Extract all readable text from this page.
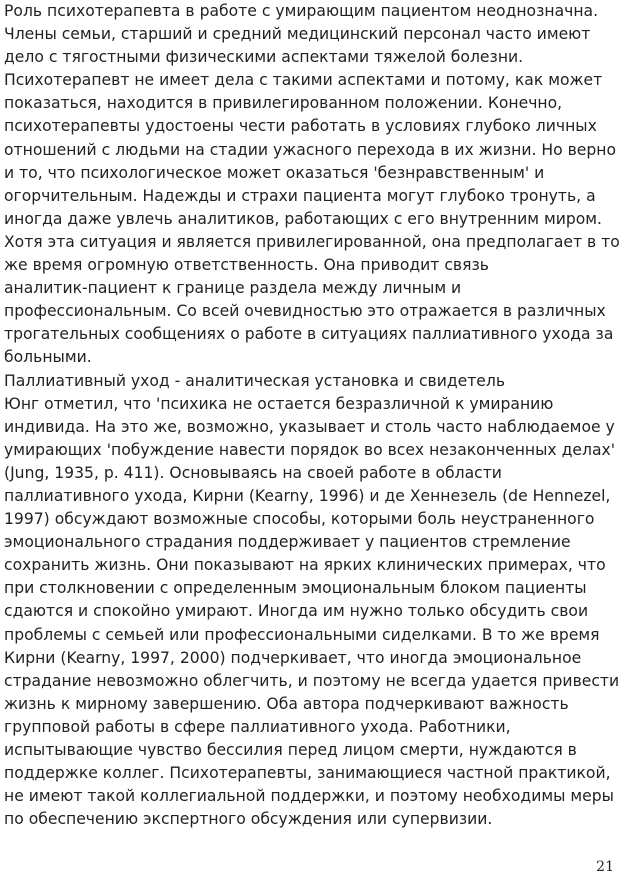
Роль психотерапевта в работе с умирающим пациентом неоднозначна.
Члены семьи, старший и средний медицинский персонал часто имеют
дело с тягостными физическими аспектами тяжелой болезни.
Психотерапевт не имеет дела с такими аспектами и потому, как может
показаться, находится в привилегированном положении. Конечно,
психотерапевты удостоены чести работать в условиях глубоко личных
отношений с людьми на стадии ужасного перехода в их жизни. Но верно
и то, что психологическое может оказаться 'безнравственным' и
огорчительным. Надежды и страхи пациента могут глубоко тронуть, а
иногда даже увлечь аналитиков, работающих с его внутренним миром.
Хотя эта ситуация и является привилегированной, она предполагает в то
же время огромную ответственность. Она приводит связь
аналитик-пациент к границе раздела между личным и
профессиональным. Со всей очевидностью это отражается в различных
трогательных сообщениях о работе в ситуациях паллиативного ухода за
больными.
Паллиативный уход - аналитическая установка и свидетель
Юнг отметил, что 'психика не остается безразличной к умиранию
индивида. На это же, возможно, указывает и столь часто наблюдаемое у
умирающих 'побуждение навести порядок во всех незаконченных делах'
(Jung, 1935, p. 411). Основываясь на своей работе в области
паллиативного ухода, Кирни (Kearny, 1996) и де Хеннезель (de Hennezel,
1997) обсуждают возможные способы, которыми боль неустраненного
эмоционального страдания поддерживает у пациентов стремление
сохранить жизнь. Они показывают на ярких клинических примерах, что
при столкновении с определенным эмоциональным блоком пациенты
сдаются и спокойно умирают. Иногда им нужно только обсудить свои
проблемы с семьей или профессиональными сиделками. В то же время
Кирни (Kearny, 1997, 2000) подчеркивает, что иногда эмоциональное
страдание невозможно облегчить, и поэтому не всегда удается привести
жизнь к мирному завершению. Оба автора подчеркивают важность
групповой работы в сфере паллиативного ухода. Работники,
испытывающие чувство бессилия перед лицом смерти, нуждаются в
поддержке коллег. Психотерапевты, занимающиеся частной практикой,
не имеют такой коллегиальной поддержки, и поэтому необходимы меры
по обеспечению экспертного обсуждения или супервизии.
21
